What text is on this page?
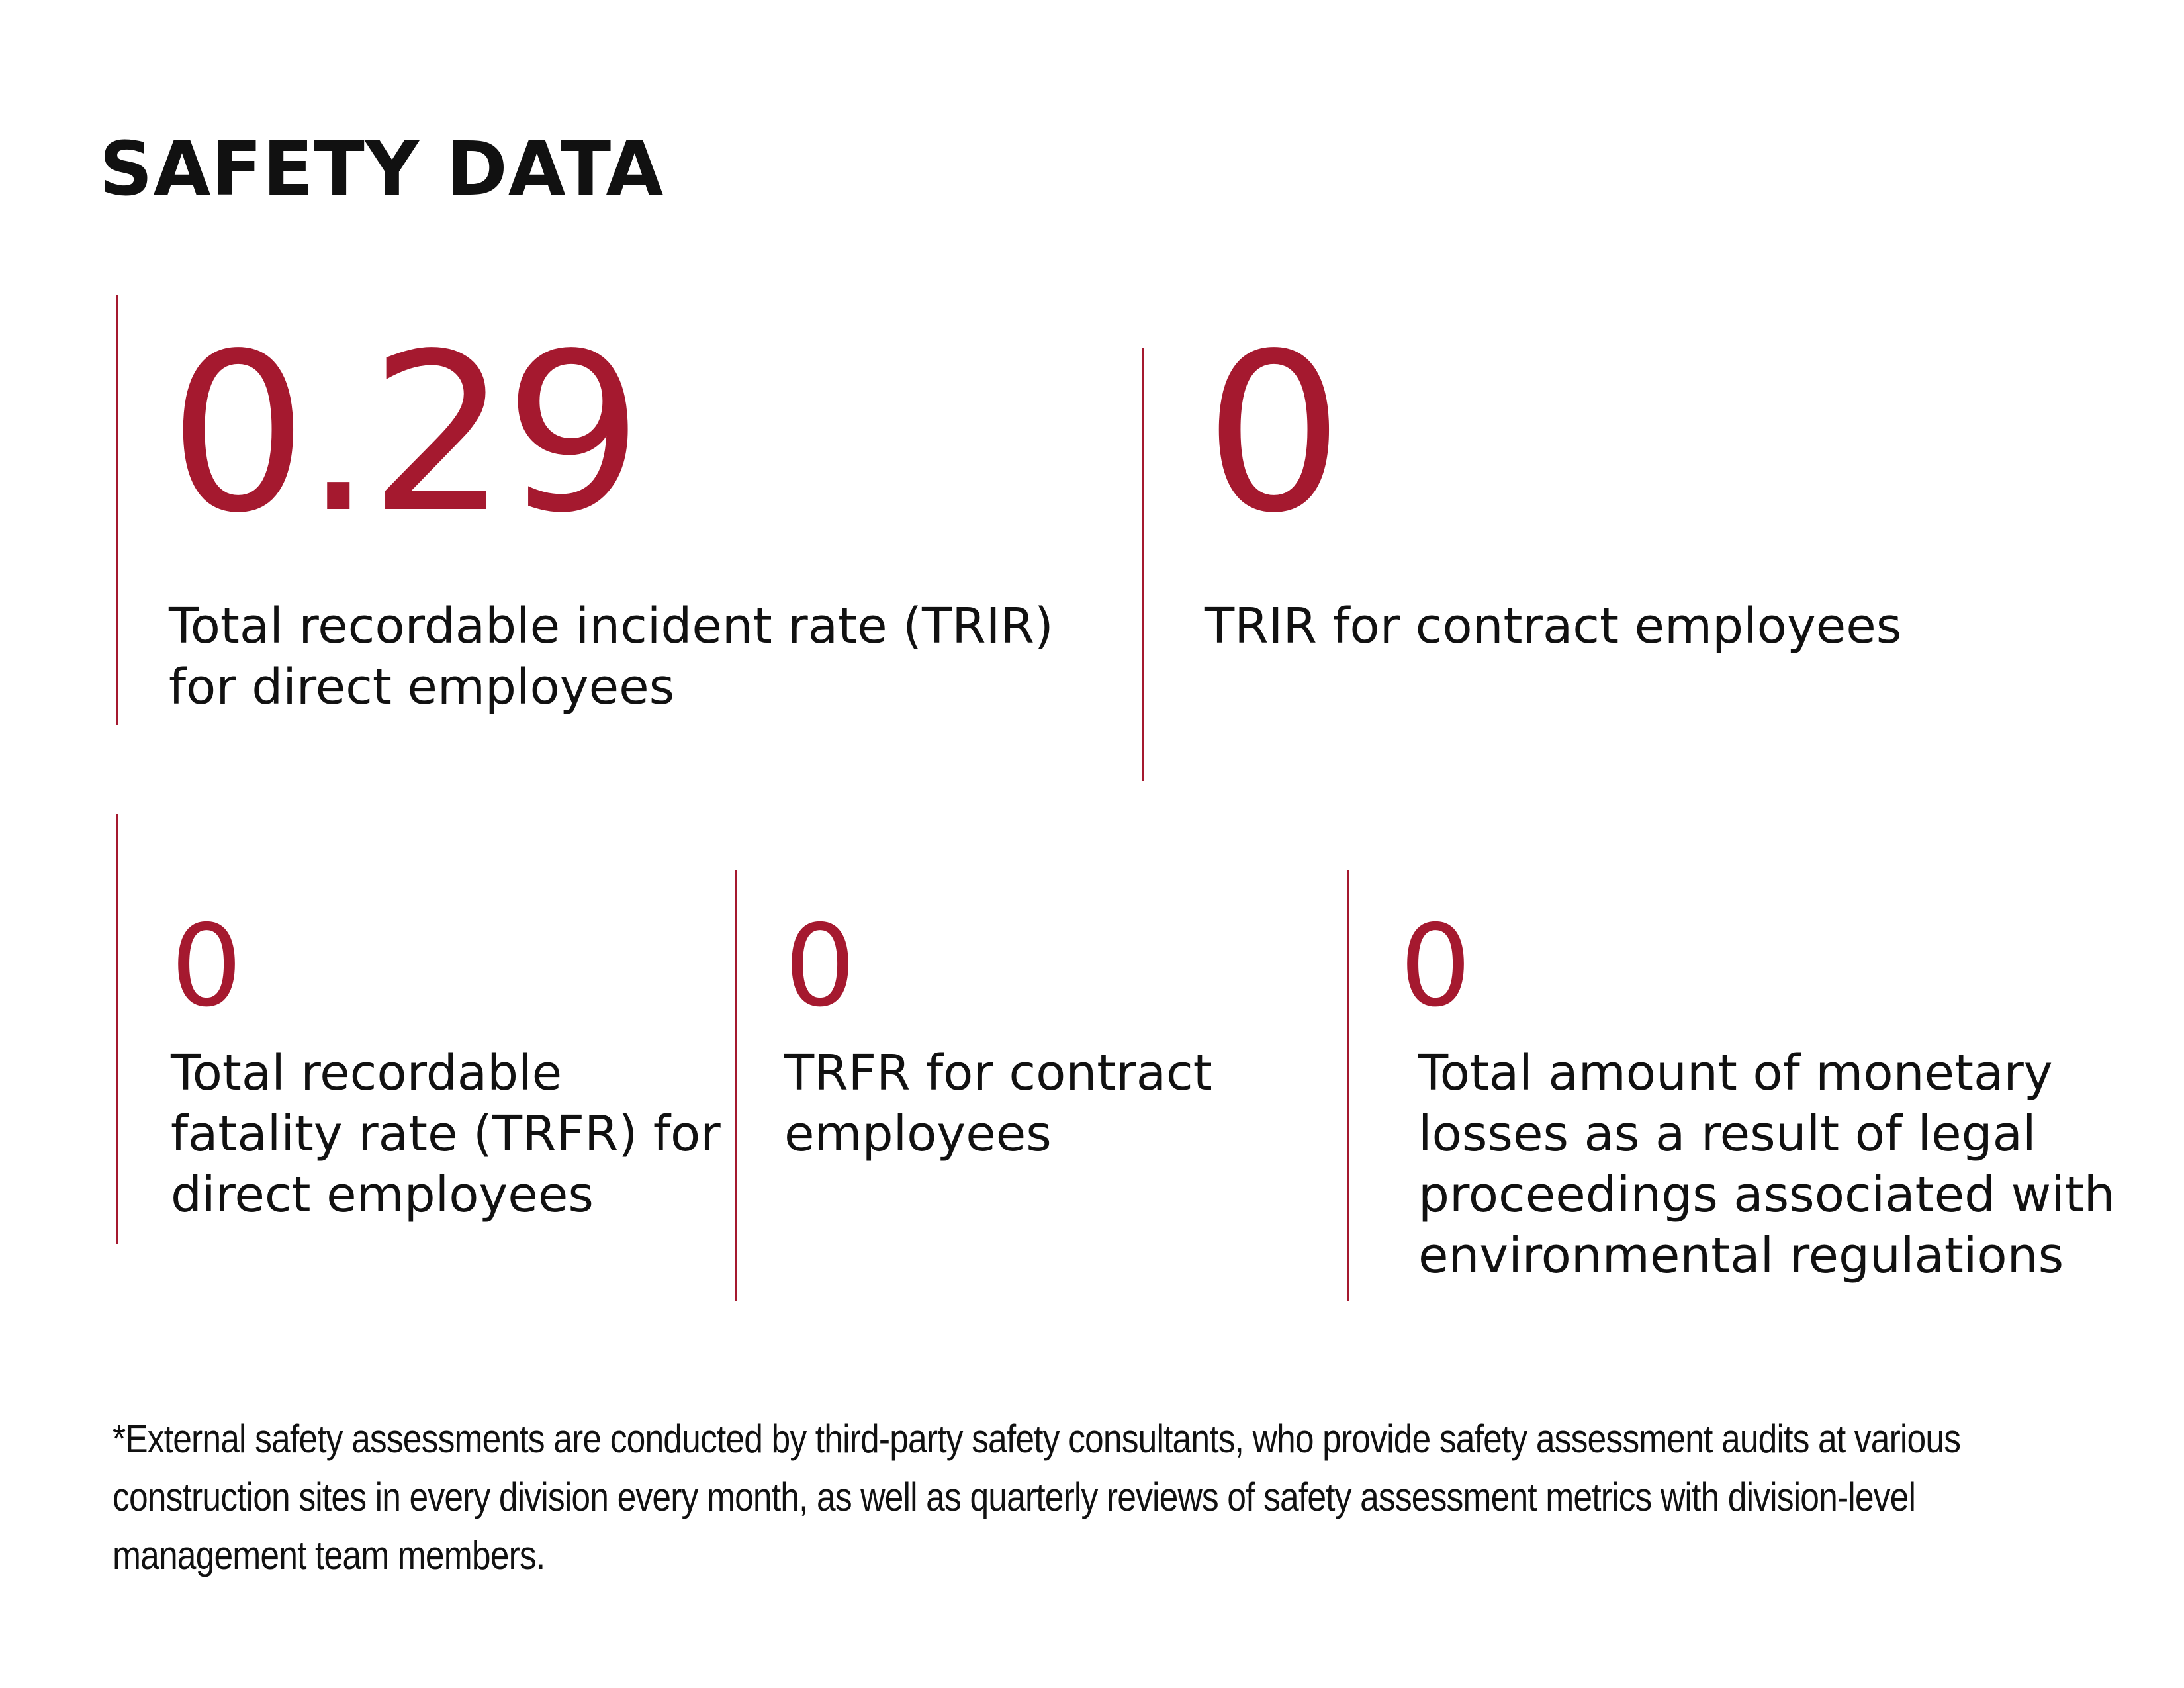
SAFETY DATA
0.29
Total recordable incident rate (TRIR)
for direct employees
0
TRIR for contract employees
0
Total recordable
fatality rate (TRFR) for
direct employees
0
TRFR for contract
employees
0
Total amount of monetary
losses as a result of legal
proceedings associated with
environmental regulations

*External safety assessments are conducted by third-party safety consultants, who provide safety assessment audits at various construction sites in every division every month, as well as quarterly reviews of safety assessment metrics with division-level management team members.
